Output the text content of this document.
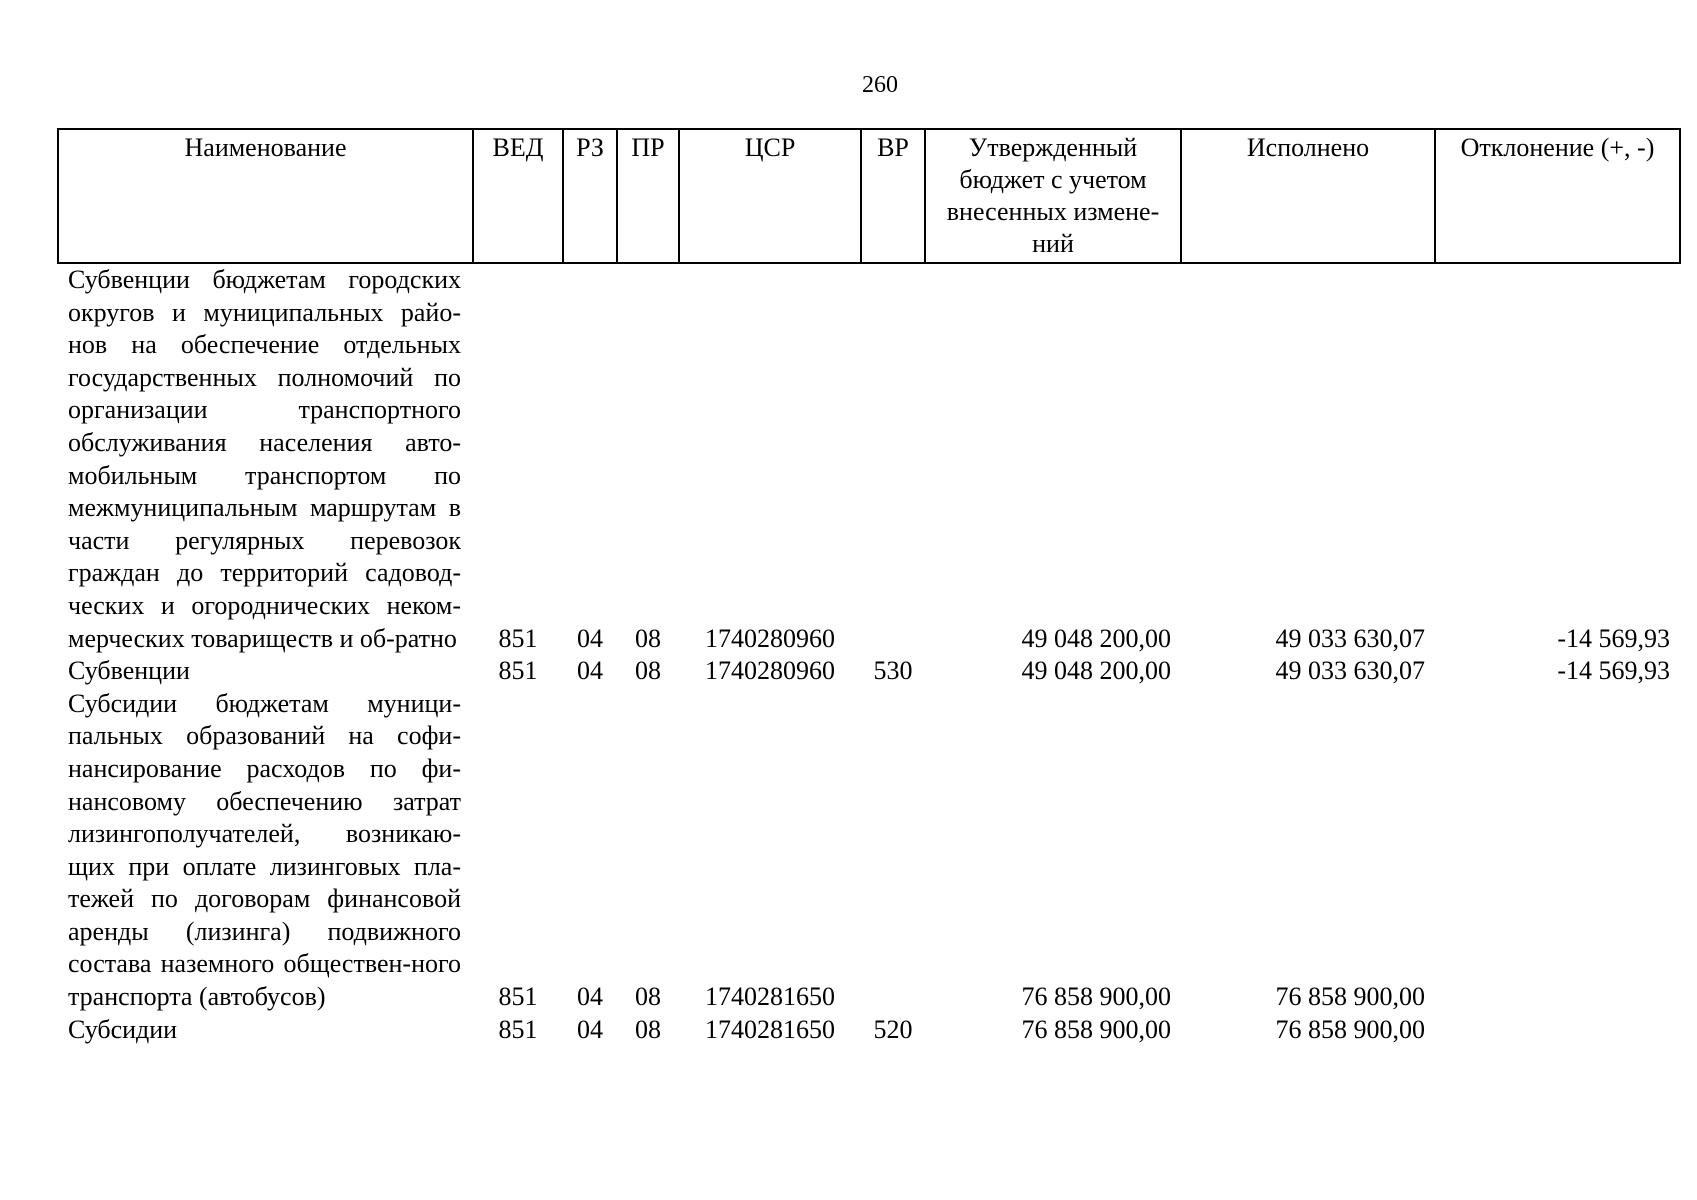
260
Наименование	ВЕД	РЗ	ПР	ЦСР	ВР	Утвержденный бюджет с учетом внесенных измене-ний	Исполнено	Отклонение (+, -)
Субвенции бюджетам городских округов и муниципальных райо-нов на обеспечение отдельных государственных полномочий по организации транспортного обслуживания населения авто-мобильным транспортом по межмуниципальным маршрутам в части регулярных перевозок граждан до территорий садовод-ческих и огороднических неком-мерческих товариществ и об-ратно	851	04	08	1740280960		49 048 200,00	49 033 630,07	-14 569,93
Субвенции	851	04	08	1740280960	530	49 048 200,00	49 033 630,07	-14 569,93
Субсидии бюджетам муници-пальных образований на софи-нансирование расходов по фи-нансовому обеспечению затрат лизингополучателей, возникаю-щих при оплате лизинговых пла-тежей по договорам финансовой аренды (лизинга) подвижного состава наземного обществен-ного транспорта (автобусов)	851	04	08	1740281650		76 858 900,00	76 858 900,00	
Субсидии	851	04	08	1740281650	520	76 858 900,00	76 858 900,00	
